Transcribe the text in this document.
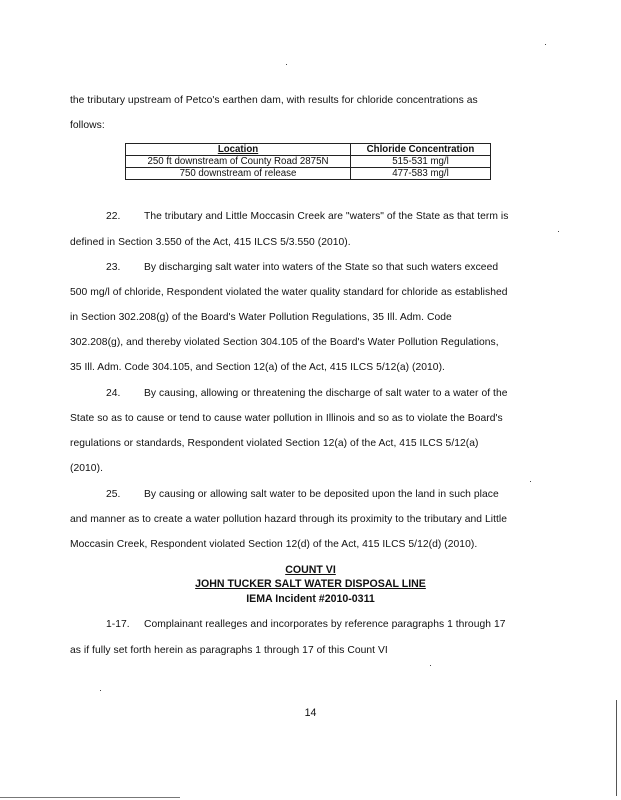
the tributary upstream of Petco's earthen dam, with results for chloride concentrations as
follows:
Location	Chloride Concentration
250 ft downstream of County Road 2875N	515-531 mg/l
750 downstream of release	477-583 mg/l
22. The tributary and Little Moccasin Creek are "waters" of the State as that term is
defined in Section 3.550 of the Act, 415 ILCS 5/3.550 (2010).
23. By discharging salt water into waters of the State so that such waters exceed
500 mg/l of chloride, Respondent violated the water quality standard for chloride as established
in Section 302.208(g) of the Board's Water Pollution Regulations, 35 Ill. Adm. Code
302.208(g), and thereby violated Section 304.105 of the Board's Water Pollution Regulations,
35 Ill. Adm. Code 304.105, and Section 12(a) of the Act, 415 ILCS 5/12(a) (2010).
24. By causing, allowing or threatening the discharge of salt water to a water of the
State so as to cause or tend to cause water pollution in Illinois and so as to violate the Board's
regulations or standards, Respondent violated Section 12(a) of the Act, 415 ILCS 5/12(a)
(2010).
25. By causing or allowing salt water to be deposited upon the land in such place
and manner as to create a water pollution hazard through its proximity to the tributary and Little
Moccasin Creek, Respondent violated Section 12(d) of the Act, 415 ILCS 5/12(d) (2010).
COUNT VI
JOHN TUCKER SALT WATER DISPOSAL LINE
IEMA Incident #2010-0311
1-17. Complainant realleges and incorporates by reference paragraphs 1 through 17
as if fully set forth herein as paragraphs 1 through 17 of this Count VI
14
